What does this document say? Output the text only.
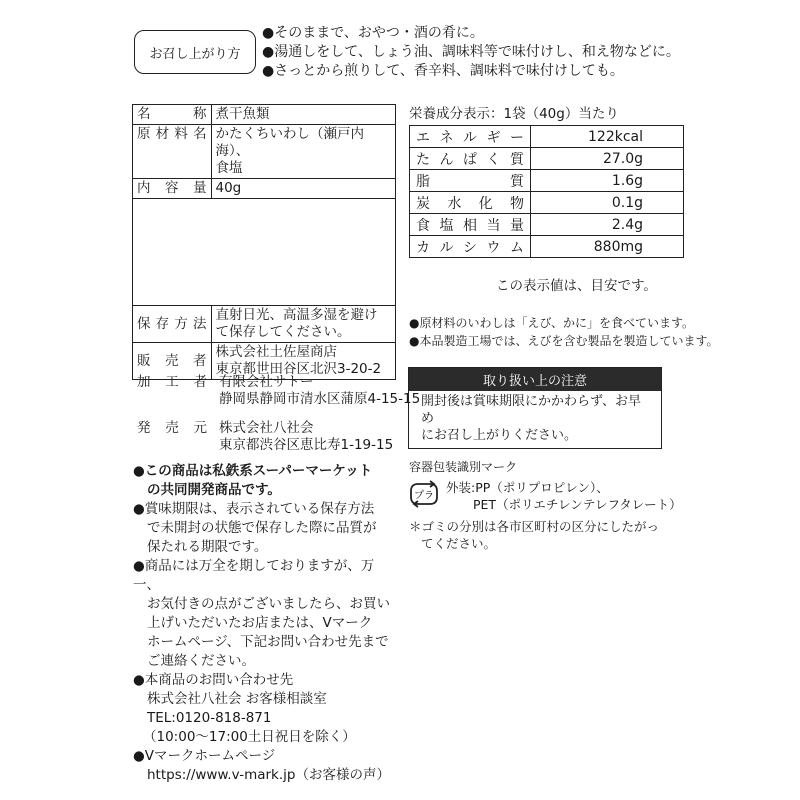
お召し上がり方
●そのままで、おやつ・酒の肴に。
●湯通しをして、しょう油、調味料等で味付けし、和え物などに。
●さっとから煎りして、香辛料、調味料で味付けしても。
名称	煮干魚類
原材料名	かたくちいわし（瀬戸内海）、
食塩

内容量	40g

保存方法	直射日光、高温多湿を避け
て保存してください。

販売者	株式会社土佐屋商店
東京都世田谷区北沢3-20-2
加工者 有限会社サトー
静岡県静岡市清水区蒲原4-15-15
発売元 株式会社八社会
東京都渋谷区恵比寿1-19-15

●この商品は私鉄系スーパーマーケット

の共同開発商品です。

●賞味期限は、表示されている保存方法

で未開封の状態で保存した際に品質が

保たれる期限です。

●商品には万全を期しておりますが、万一、

お気付きの点がございましたら、お買い

上げいただいたお店または、Vマーク

ホームページ、下記お問い合わせ先まで

ご連絡ください。

●本商品のお問い合わせ先

株式会社八社会 お客様相談室

TEL:0120-818-871

（10:00〜17:00土日祝日を除く）

●Vマークホームページ

https://www.v-mark.jp（お客様の声）

栄養成分表示：1袋（40g）当たり
エネルギー	122kcal
たんぱく質	27.0g
脂質	1.6g
炭水化物	0.1g
食塩相当量	2.4g
カルシウム	880mg
この表示値は、目安です。
●原材料のいわしは「えび、かに」を食べています。
●本品製造工場では、えびを含む製品を製造しています。
取り扱い上の注意
開封後は賞味期限にかかわらず、お早め
にお召し上がりください。
容器包装識別マーク
プラ
外装:PP（ポリプロピレン）、
PET（ポリエチレンテレフタレート）
＊ゴミの分別は各市区町村の区分にしたがっ
てください。
